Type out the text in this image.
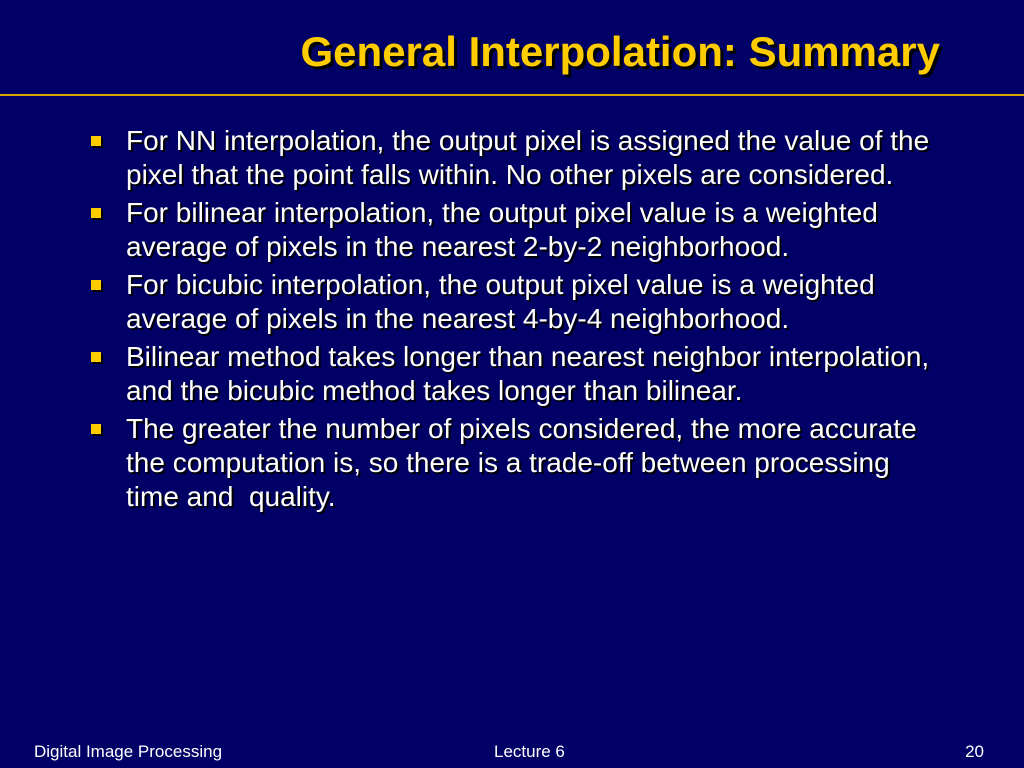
General Interpolation: Summary
For NN interpolation, the output pixel is assigned the value of the pixel that the point falls within. No other pixels are considered.
For bilinear interpolation, the output pixel value is a weighted average of pixels in the nearest 2-by-2 neighborhood.
For bicubic interpolation, the output pixel value is a weighted average of pixels in the nearest 4-by-4 neighborhood.
Bilinear method takes longer than nearest neighbor interpolation,   and the bicubic method takes longer than bilinear.
The greater the number of pixels considered, the more accurate the computation is, so there is a trade-off between processing time and  quality.
Digital Image Processing	Lecture 6	20
